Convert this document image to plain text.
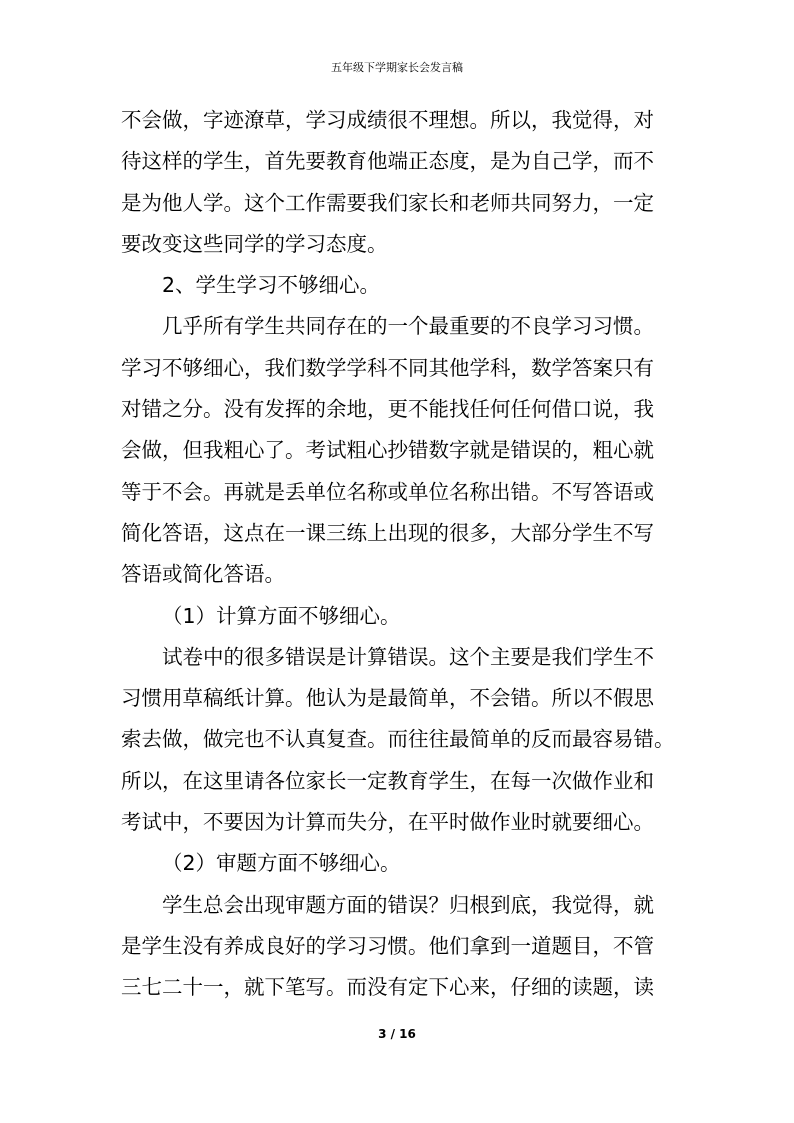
五年级下学期家长会发言稿
不会做，字迹潦草，学习成绩很不理想。所以，我觉得，对
待这样的学生，首先要教育他端正态度，是为自己学，而不
是为他人学。这个工作需要我们家长和老师共同努力，一定
要改变这些同学的学习态度。
2、学生学习不够细心。
几乎所有学生共同存在的一个最重要的不良学习习惯。
学习不够细心，我们数学学科不同其他学科，数学答案只有
对错之分。没有发挥的余地，更不能找任何任何借口说，我
会做，但我粗心了。考试粗心抄错数字就是错误的，粗心就
等于不会。再就是丢单位名称或单位名称出错。不写答语或
简化答语，这点在一课三练上出现的很多，大部分学生不写
答语或简化答语。
（1）计算方面不够细心。
试卷中的很多错误是计算错误。这个主要是我们学生不
习惯用草稿纸计算。他认为是最简单，不会错。所以不假思
索去做，做完也不认真复查。而往往最简单的反而最容易错。
所以，在这里请各位家长一定教育学生，在每一次做作业和
考试中，不要因为计算而失分，在平时做作业时就要细心。
（2）审题方面不够细心。
学生总会出现审题方面的错误？归根到底，我觉得，就
是学生没有养成良好的学习习惯。他们拿到一道题目，不管
三七二十一，就下笔写。而没有定下心来，仔细的读题，读
3 / 16
